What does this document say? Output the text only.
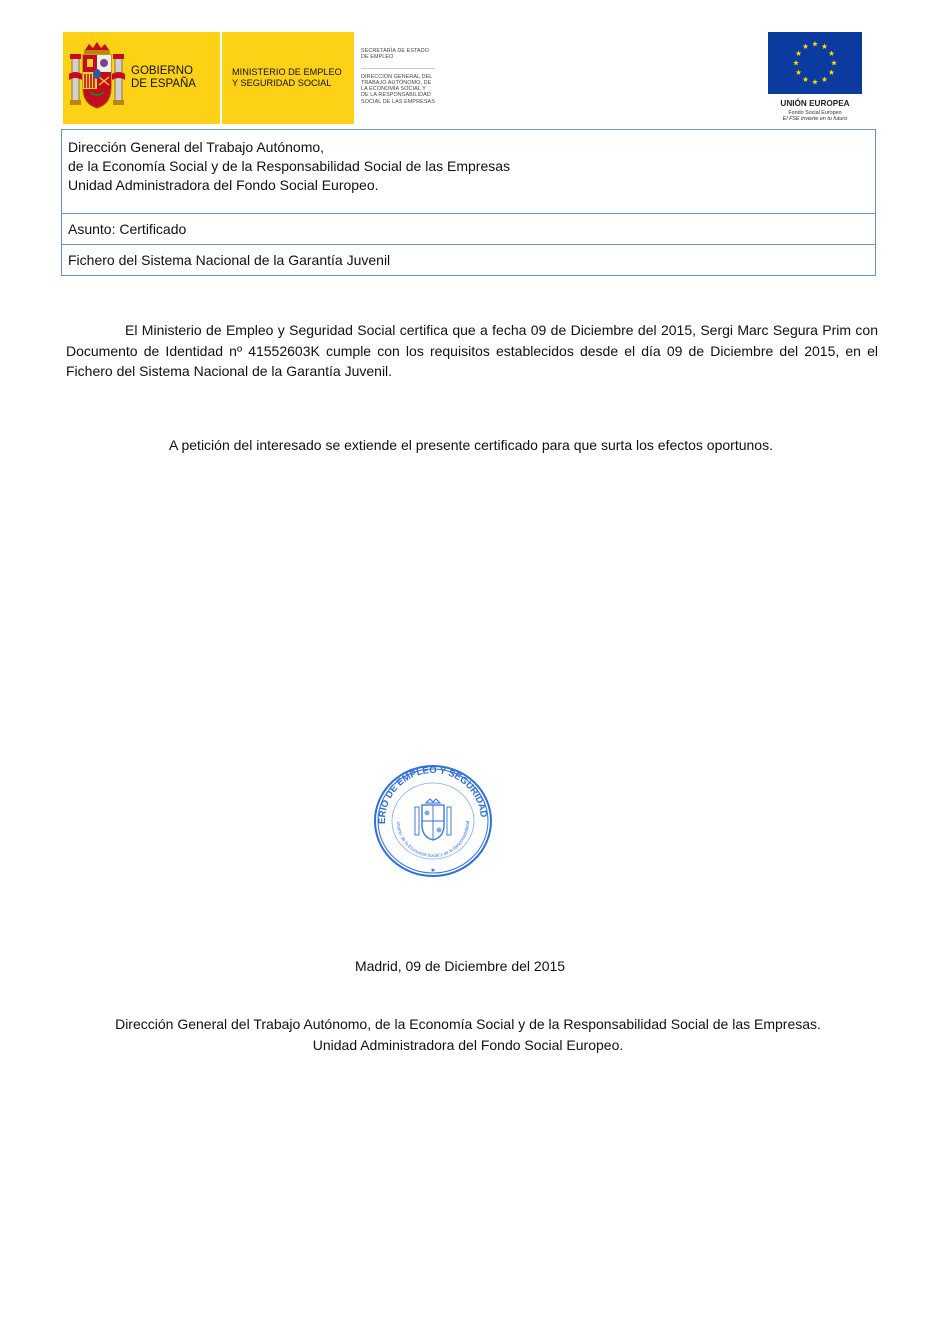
GOBIERNO
DE ESPAÑA
MINISTERIO DE EMPLEO
Y SEGURIDAD SOCIAL
SECRETARÍA DE ESTADO
DE EMPLEO
DIRECCIÓN GENERAL DEL
TRABAJO AUTÓNOMO, DE
LA ECONOMÍA SOCIAL Y
DE LA RESPONSABILIDAD
SOCIAL DE LAS EMPRESAS	UNIÓN EUROPEA
Fondo Social Europeo
El FSE invierte en tu futuro
Dirección General del Trabajo Autónomo,
de la Economía Social y de la Responsabilidad Social de las Empresas
Unidad Administradora del Fondo Social Europeo.
Asunto: Certificado
Fichero del Sistema Nacional de la Garantía Juvenil

El Ministerio de Empleo y Seguridad Social certifica que a fecha 09 de Diciembre del 2015, Sergi Marc Segura Prim con Documento de Identidad nº 41552603K cumple con los requisitos establecidos desde el día 09 de Diciembre del 2015, en el Fichero del Sistema Nacional de la Garantía Juvenil.

A petición del interesado se extiende el presente certificado para que surta los efectos oportunos.

ERIO DE EMPLEO Y SEGURIDAD
ónomo, de la Economía Social y de la Responsabilidad
★

Madrid, 09 de Diciembre del 2015

Dirección General del Trabajo Autónomo, de la Economía Social y de la Responsabilidad Social de las Empresas.
Unidad Administradora del Fondo Social Europeo.
